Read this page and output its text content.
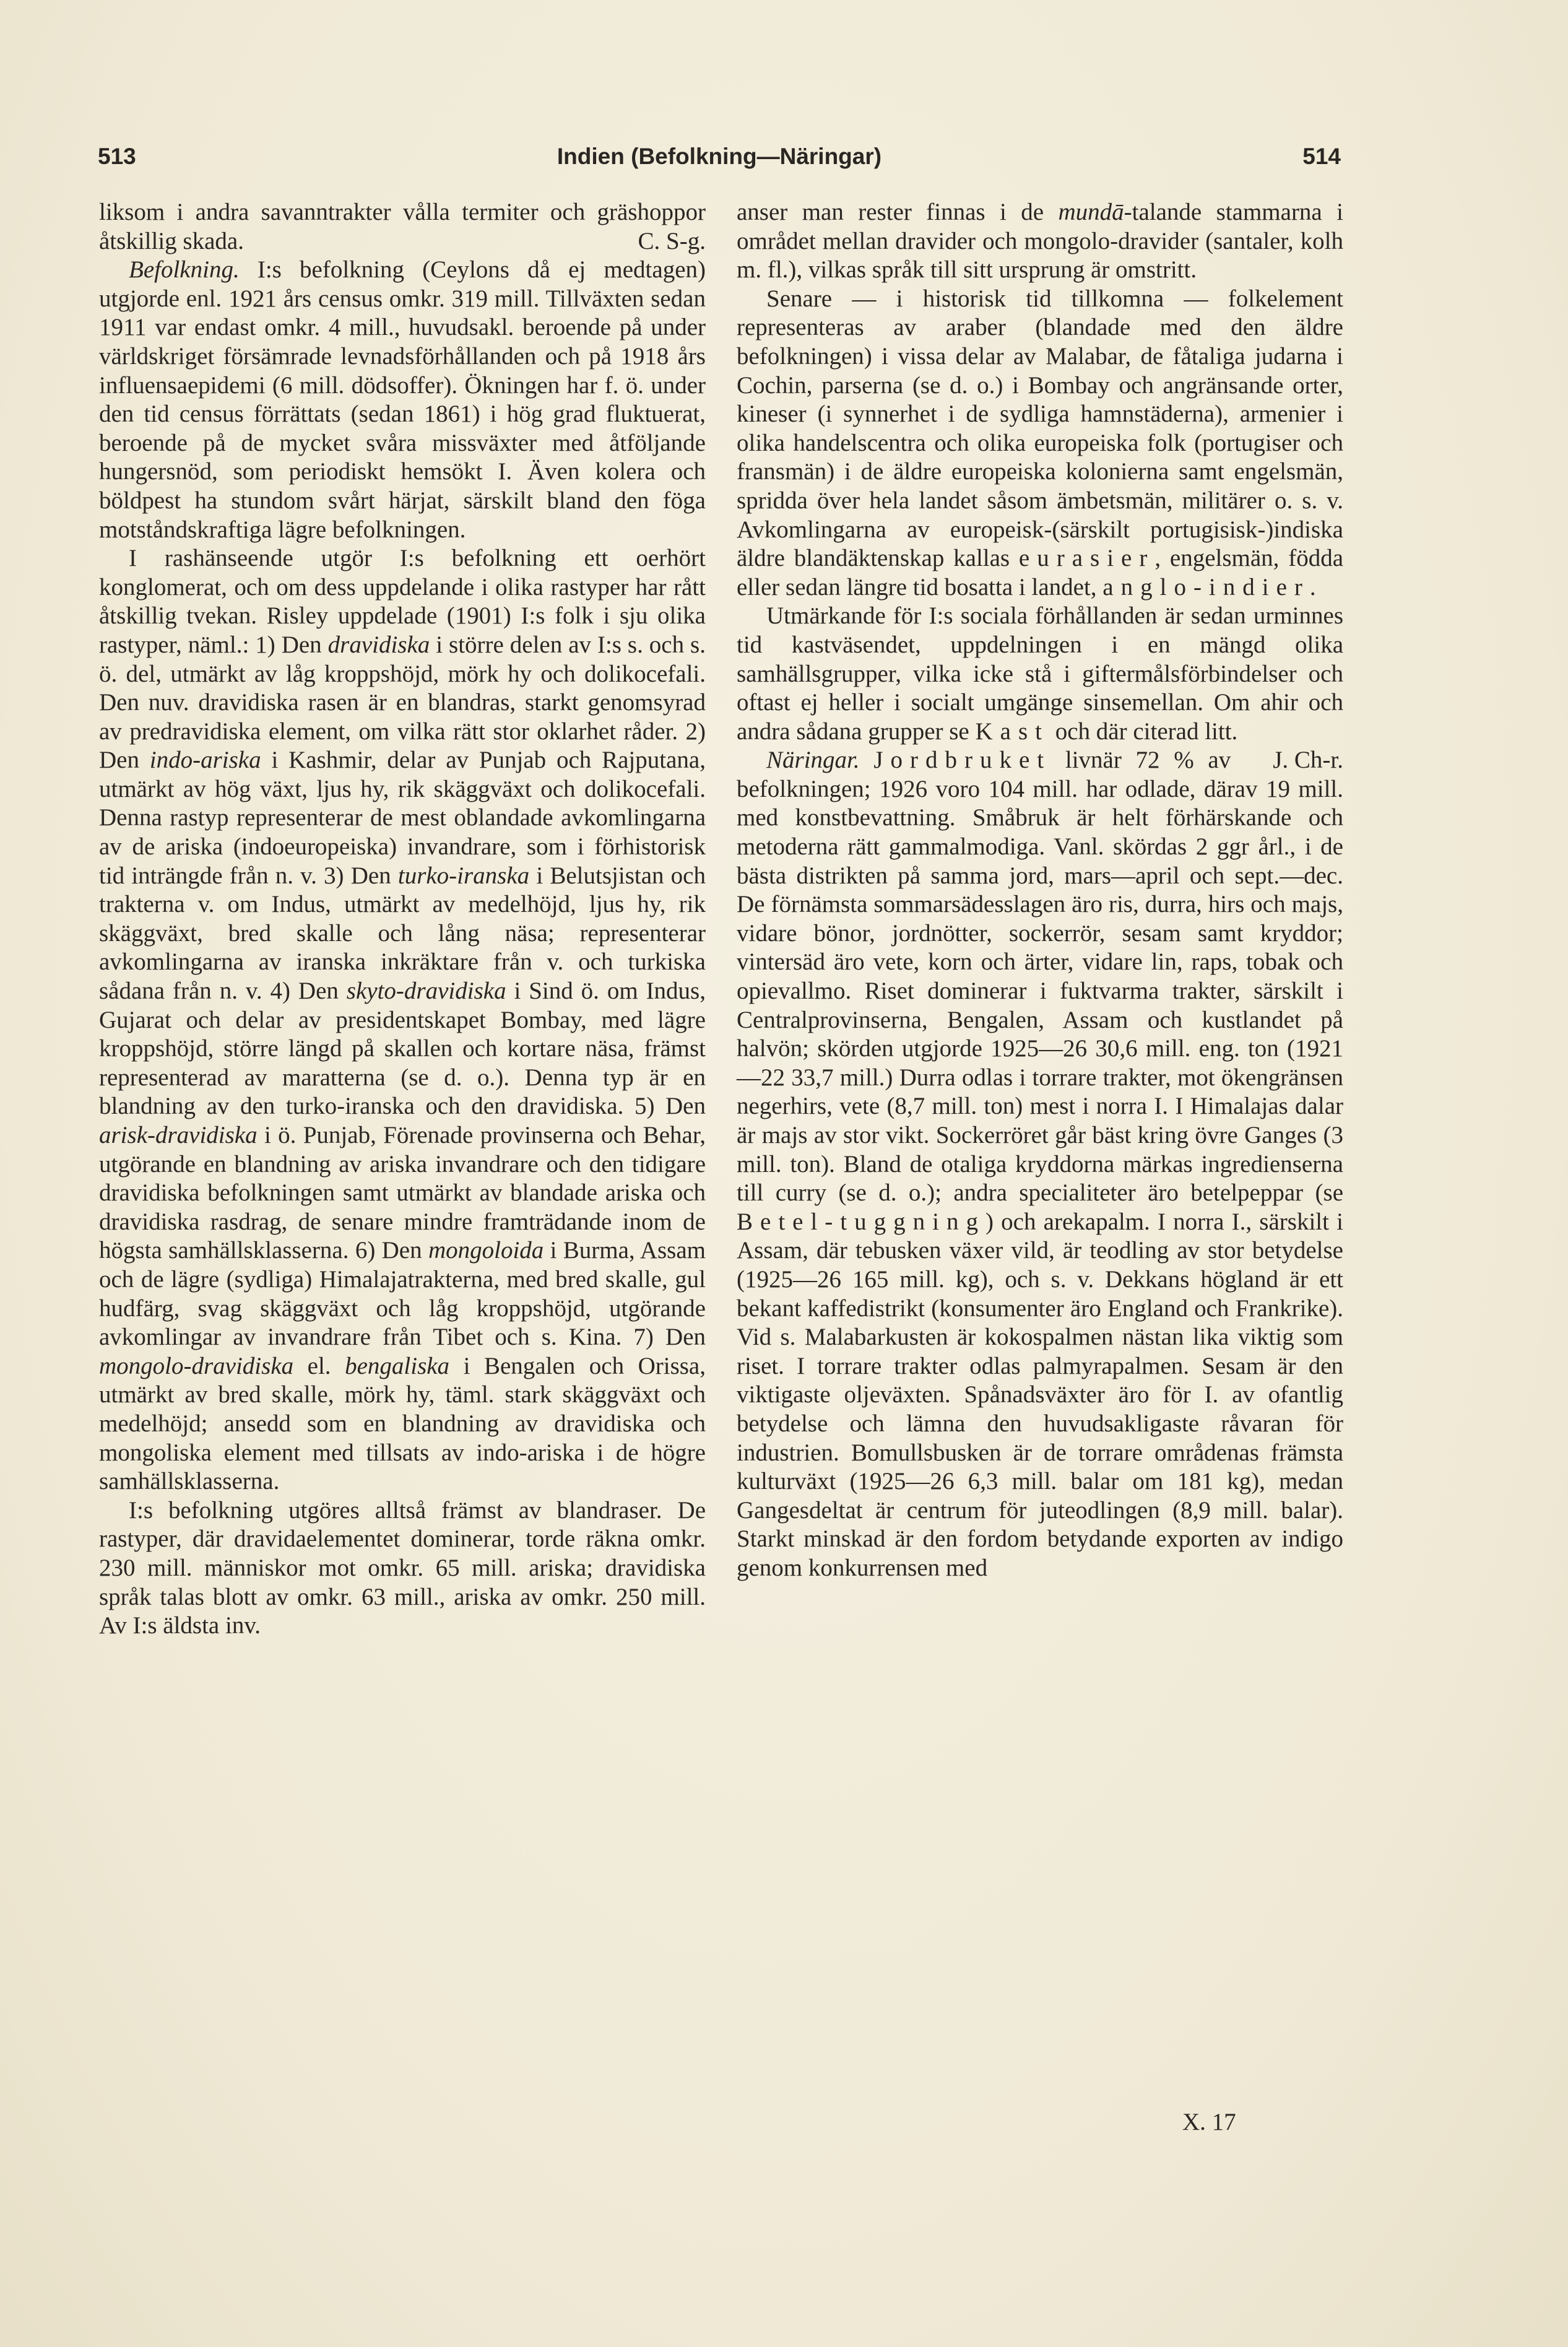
513	Indien (Befolkning—Näringar)	514

liksom i andra savanntrakter vålla termiter och gräshoppor åtskillig skada.	C. S-g.

Befolkning. I:s befolkning (Ceylons då ej medtagen) utgjorde enl. 1921 års census omkr. 319 mill. Tillväxten sedan 1911 var endast omkr. 4 mill., huvudsakl. beroende på under världskriget försämrade levnadsförhållanden och på 1918 års influensaepidemi (6 mill. dödsoffer). Ökningen har f. ö. under den tid census förrättats (sedan 1861) i hög grad fluktuerat, beroende på de mycket svåra missväxter med åtföljande hungersnöd, som periodiskt hemsökt I. Även kolera och böldpest ha stundom svårt härjat, särskilt bland den föga motståndskraftiga lägre befolkningen.

I rashänseende utgör I:s befolkning ett oerhört konglomerat, och om dess uppdelande i olika rastyper har rått åtskillig tvekan. Risley uppdelade (1901) I:s folk i sju olika rastyper, näml.: 1) Den dravidiska i större delen av I:s s. och s. ö. del, utmärkt av låg kroppshöjd, mörk hy och dolikocefali. Den nuv. dravidiska rasen är en blandras, starkt genomsyrad av predravidiska element, om vilka rätt stor oklarhet råder. 2) Den indo-ariska i Kashmir, delar av Punjab och Rajputana, utmärkt av hög växt, ljus hy, rik skäggväxt och dolikocefali. Denna rastyp representerar de mest oblandade avkomlingarna av de ariska (indoeuropeiska) invandrare, som i förhistorisk tid inträngde från n. v. 3) Den turko-iranska i Belutsjistan och trakterna v. om Indus, utmärkt av medelhöjd, ljus hy, rik skäggväxt, bred skalle och lång näsa; representerar avkomlingarna av iranska inkräktare från v. och turkiska sådana från n. v. 4) Den skyto-dravidiska i Sind ö. om Indus, Gujarat och delar av presidentskapet Bombay, med lägre kroppshöjd, större längd på skallen och kortare näsa, främst representerad av maratterna (se d. o.). Denna typ är en blandning av den turko-iranska och den dravidiska. 5) Den arisk-dravidiska i ö. Punjab, Förenade provinserna och Behar, utgörande en blandning av ariska invandrare och den tidigare dravidiska befolkningen samt utmärkt av blandade ariska och dravidiska rasdrag, de senare mindre framträdande inom de högsta samhällsklasserna. 6) Den mongoloida i Burma, Assam och de lägre (sydliga) Himalajatrakterna, med bred skalle, gul hudfärg, svag skäggväxt och låg kroppshöjd, utgörande avkomlingar av invandrare från Tibet och s. Kina. 7) Den mongolo-dravidiska el. bengaliska i Bengalen och Orissa, utmärkt av bred skalle, mörk hy, täml. stark skäggväxt och medelhöjd; ansedd som en blandning av dravidiska och mongoliska element med tillsats av indo-ariska i de högre samhällsklasserna.

I:s befolkning utgöres alltså främst av blandraser. De rastyper, där dravidaelementet dominerar, torde räkna omkr. 230 mill. människor mot omkr. 65 mill. ariska; dravidiska språk talas blott av omkr. 63 mill., ariska av omkr. 250 mill. Av I:s äldsta inv.

anser man rester finnas i de mundā-talande stammarna i området mellan dravider och mongolo-dravider (santaler, kolh m. fl.), vilkas språk till sitt ursprung är omstritt.

Senare — i historisk tid tillkomna — folkelement representeras av araber (blandade med den äldre befolkningen) i vissa delar av Malabar, de fåtaliga judarna i Cochin, parserna (se d. o.) i Bombay och angränsande orter, kineser (i synnerhet i de sydliga hamnstäderna), armenier i olika handelscentra och olika europeiska folk (portugiser och fransmän) i de äldre europeiska kolonierna samt engelsmän, spridda över hela landet såsom ämbetsmän, militärer o. s. v. Avkomlingarna av europeisk-(särskilt portugisisk-)indiska äldre blandäktenskap kallas eurasier, engelsmän, födda eller sedan längre tid bosatta i landet, anglo-indier.

Utmärkande för I:s sociala förhållanden är sedan urminnes tid kastväsendet, uppdelningen i en mängd olika samhällsgrupper, vilka icke stå i giftermålsförbindelser och oftast ej heller i socialt umgänge sinsemellan. Om ahir och andra sådana grupper se Kast och där citerad litt.
J. Ch-r.

Näringar. Jordbruket livnär 72 % av befolkningen; 1926 voro 104 mill. har odlade, därav 19 mill. med konstbevattning. Småbruk är helt förhärskande och metoderna rätt gammalmodiga. Vanl. skördas 2 ggr årl., i de bästa distrikten på samma jord, mars—april och sept.—dec. De förnämsta sommarsädesslagen äro ris, durra, hirs och majs, vidare bönor, jordnötter, sockerrör, sesam samt kryddor; vintersäd äro vete, korn och ärter, vidare lin, raps, tobak och opievallmo. Riset dominerar i fuktvarma trakter, särskilt i Centralprovinserna, Bengalen, Assam och kustlandet på halvön; skörden utgjorde 1925—26 30,6 mill. eng. ton (1921—22 33,7 mill.) Durra odlas i torrare trakter, mot ökengränsen negerhirs, vete (8,7 mill. ton) mest i norra I. I Himalajas dalar är majs av stor vikt. Sockerröret går bäst kring övre Ganges (3 mill. ton). Bland de otaliga kryddorna märkas ingredienserna till curry (se d. o.); andra specialiteter äro betelpeppar (se Betel-tuggning) och arekapalm. I norra I., särskilt i Assam, där tebusken växer vild, är teodling av stor betydelse (1925—26 165 mill. kg), och s. v. Dekkans högland är ett bekant kaffedistrikt (konsumenter äro England och Frankrike). Vid s. Malabarkusten är kokospalmen nästan lika viktig som riset. I torrare trakter odlas palmyrapalmen. Sesam är den viktigaste oljeväxten. Spånadsväxter äro för I. av ofantlig betydelse och lämna den huvudsakligaste råvaran för industrien. Bomullsbusken är de torrare områdenas främsta kulturväxt (1925—26 6,3 mill. balar om 181 kg), medan Gangesdeltat är centrum för juteodlingen (8,9 mill. balar). Starkt minskad är den fordom betydande exporten av indigo genom konkurrensen med

X. 17
